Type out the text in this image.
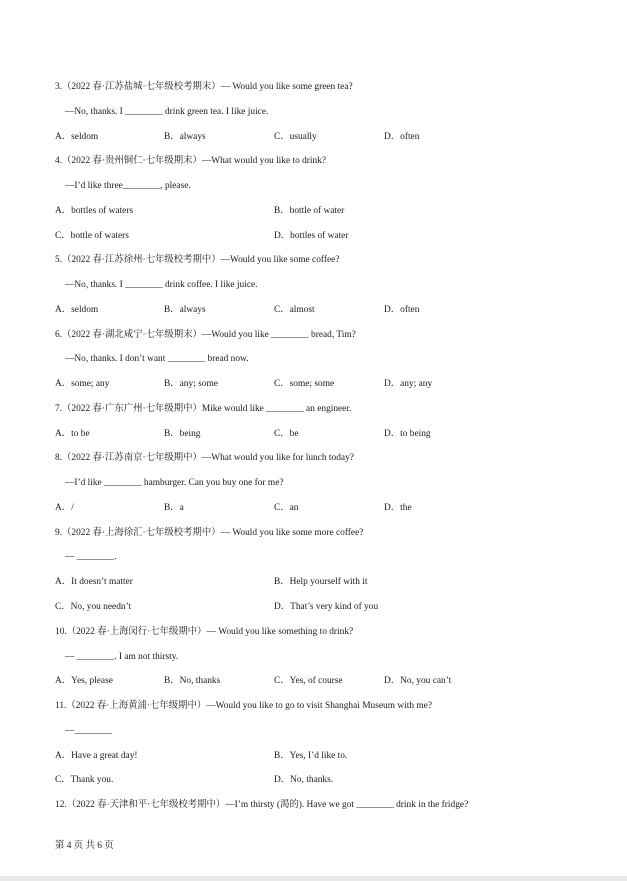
3.（2022 春·江苏盐城·七年级校考期末）— Would you like some green tea?
—No, thanks. I ________ drink green tea. I like juice.
A．seldom	B．always	C．usually	D．often
4.（2022 春·贵州铜仁·七年级期末）—What would you like to drink?
—I’d like three________, please.
A．bottles of waters	B．bottle of water
C．bottle of waters	D．bottles of water
5.（2022 春·江苏徐州·七年级校考期中）—Would you like some coffee?
—No, thanks. I ________ drink coffee. I like juice.
A．seldom	B．always	C．almost	D．often
6.（2022 春·湖北咸宁·七年级期末）—Would you like ________ bread, Tim?
—No, thanks. I don’t want ________ bread now.
A．some; any	B．any; some	C．some; some	D．any; any
7.（2022 春·广东广州·七年级期中）Mike would like ________ an engineer.
A．to be	B．being	C．be	D．to being
8.（2022 春·江苏南京·七年级期中）—What would you like for lunch today?
—I’d like ________ hamburger. Can you buy one for me?
A．/	B．a	C．an	D．the
9.（2022 春·上海徐汇·七年级校考期中）— Would you like some more coffee?
— ________.
A．It doesn’t matter	B．Help yourself with it
C．No, you needn’t	D．That’s very kind of you
10.（2022 春·上海闵行·七年级期中）— Would you like something to drink?
— ________. I am not thirsty.
A．Yes, please	B．No, thanks	C．Yes, of course	D．No, you can’t
11.（2022 春·上海黄浦·七年级期中）—Would you like to go to visit Shanghai Museum with me?
—________
A．Have a great day!	B．Yes, I’d like to.
C．Thank you.	D．No, thanks.
12.（2022 春·天津和平·七年级校考期中）—I’m thirsty (渴的). Have we got ________ drink in the fridge?
第 4 页 共 6 页
